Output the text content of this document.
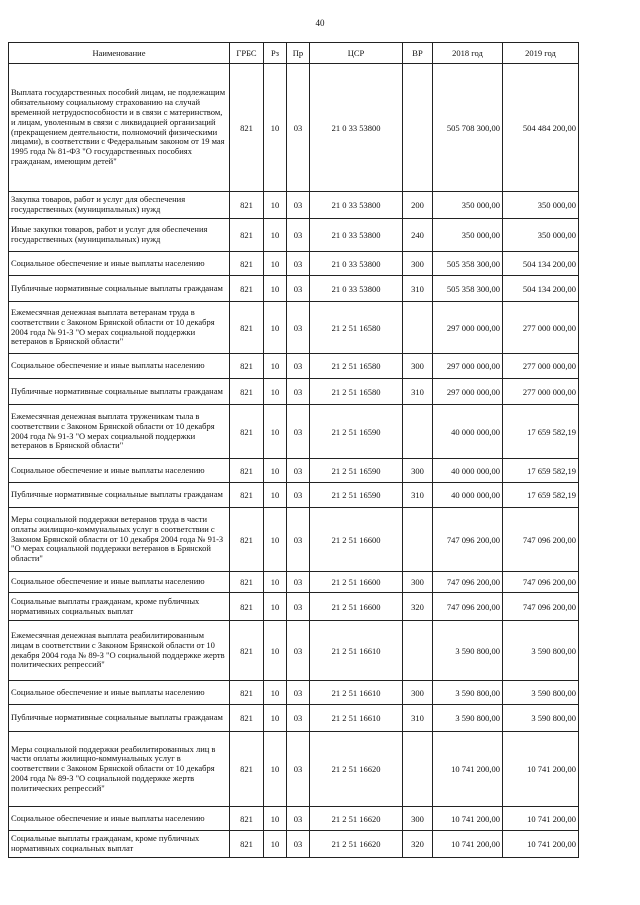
40
Наименование	ГРБС	Рз	Пр	ЦСР	ВР	2018 год	2019 год
Выплата государственных пособий лицам, не подлежащим обязательному социальному страхованию на случай временной нетрудоспособности и в связи с материнством, и лицам, уволенным в связи с ликвидацией организаций (прекращением деятельности, полномочий физическими лицами), в соответствии с Федеральным законом от 19 мая 1995 года № 81-ФЗ "О государственных пособиях гражданам, имеющим детей"	821	10	03	21 0 33 53800		505 708 300,00	504 484 200,00
Закупка товаров, работ и услуг для обеспечения государственных (муниципальных) нужд	821	10	03	21 0 33 53800	200	350 000,00	350 000,00
Иные закупки товаров, работ и услуг для обеспечения государственных (муниципальных) нужд	821	10	03	21 0 33 53800	240	350 000,00	350 000,00
Социальное обеспечение и иные выплаты населению	821	10	03	21 0 33 53800	300	505 358 300,00	504 134 200,00
Публичные нормативные социальные выплаты гражданам	821	10	03	21 0 33 53800	310	505 358 300,00	504 134 200,00
Ежемесячная денежная выплата ветеранам труда в соответствии с Законом Брянской области от 10 декабря 2004 года № 91-З "О мерах социальной поддержки ветеранов в Брянской области"	821	10	03	21 2 51 16580		297 000 000,00	277 000 000,00
Социальное обеспечение и иные выплаты населению	821	10	03	21 2 51 16580	300	297 000 000,00	277 000 000,00
Публичные нормативные социальные выплаты гражданам	821	10	03	21 2 51 16580	310	297 000 000,00	277 000 000,00
Ежемесячная денежная выплата труженикам тыла в соответствии с Законом Брянской области от 10 декабря 2004 года № 91-З "О мерах социальной поддержки ветеранов в Брянской области"	821	10	03	21 2 51 16590		40 000 000,00	17 659 582,19
Социальное обеспечение и иные выплаты населению	821	10	03	21 2 51 16590	300	40 000 000,00	17 659 582,19
Публичные нормативные социальные выплаты гражданам	821	10	03	21 2 51 16590	310	40 000 000,00	17 659 582,19
Меры социальной поддержки ветеранов труда в части оплаты жилищно-коммунальных услуг в соответствии с Законом Брянской области от 10 декабря 2004 года № 91-З "О мерах социальной поддержки ветеранов в Брянской области"	821	10	03	21 2 51 16600		747 096 200,00	747 096 200,00
Социальное обеспечение и иные выплаты населению	821	10	03	21 2 51 16600	300	747 096 200,00	747 096 200,00
Социальные выплаты гражданам, кроме публичных нормативных социальных выплат	821	10	03	21 2 51 16600	320	747 096 200,00	747 096 200,00
Ежемесячная денежная выплата реабилитированным лицам в соответствии с Законом Брянской области от 10 декабря 2004 года № 89-З "О социальной поддержке жертв политических репрессий"	821	10	03	21 2 51 16610		3 590 800,00	3 590 800,00
Социальное обеспечение и иные выплаты населению	821	10	03	21 2 51 16610	300	3 590 800,00	3 590 800,00
Публичные нормативные социальные выплаты гражданам	821	10	03	21 2 51 16610	310	3 590 800,00	3 590 800,00
Меры социальной поддержки реабилитированных лиц в части оплаты жилищно-коммунальных услуг в соответствии с Законом Брянской области от 10 декабря 2004 года № 89-З "О социальной поддержке жертв политических репрессий"	821	10	03	21 2 51 16620		10 741 200,00	10 741 200,00
Социальное обеспечение и иные выплаты населению	821	10	03	21 2 51 16620	300	10 741 200,00	10 741 200,00
Социальные выплаты гражданам, кроме публичных нормативных социальных выплат	821	10	03	21 2 51 16620	320	10 741 200,00	10 741 200,00
